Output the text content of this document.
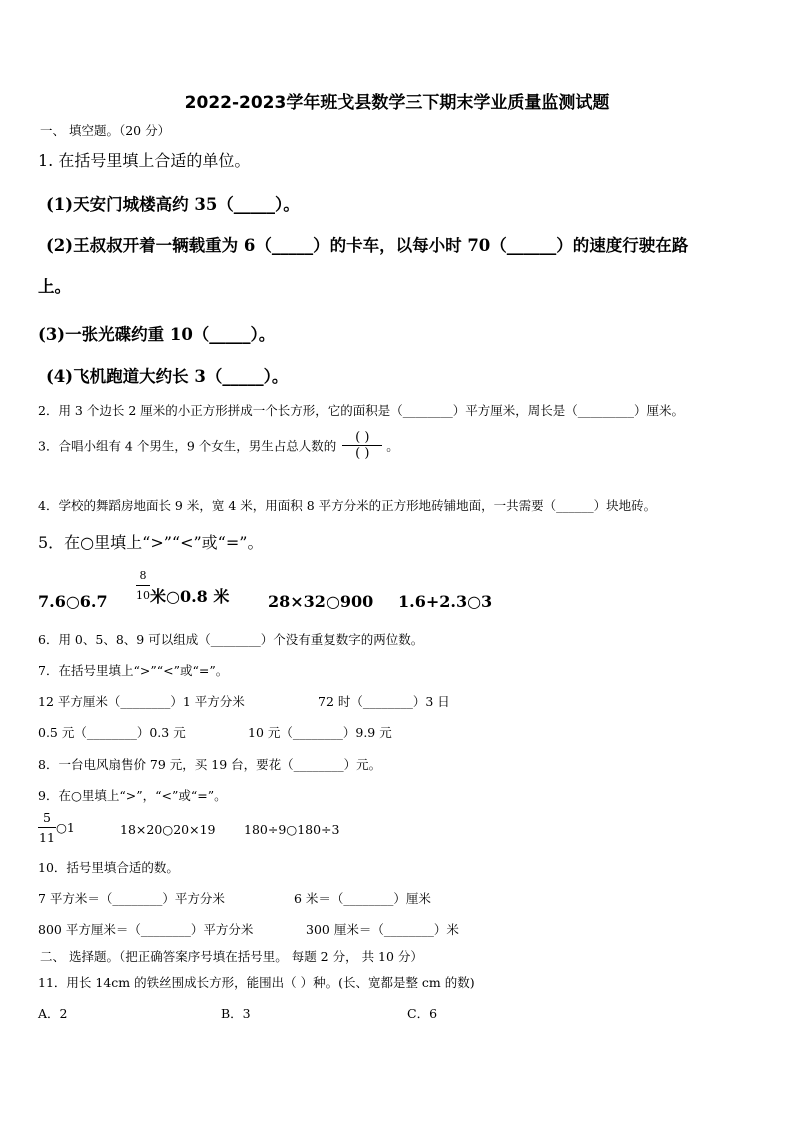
2022-2023学年班戈县数学三下期末学业质量监测试题
一、 填空题。（20 分）
1. 在括号里填上合适的单位。
(1)天安门城楼高约 35（_____）。
(2)王叔叔开着一辆载重为 6（_____）的卡车，以每小时 70（______）的速度行驶在路
上。
(3)一张光碟约重 10（_____）。
(4)飞机跑道大约长 3（_____）。
2．用 3 个边长 2 厘米的小正方形拼成一个长方形，它的面积是（________）平方厘米，周长是（_________）厘米。
3．合唱小组有 4 个男生，9 个女生，男生占总人数的 $\frac{( )}{( )}$ 。
4．学校的舞蹈房地面长 9 米，宽 4 米，用面积 8 平方分米的正方形地砖铺地面，一共需要（______）块地砖。
5．在○里填上“>”“<”或“=”。
7.6○6.7	$\frac{8}{10}$ 米○0.8 米 28×32○900 1.6+2.3○3
6．用 0、5、8、9 可以组成（________）个没有重复数字的两位数。
7．在括号里填上“>”“<”或“=”。
12 平方厘米（________）1 平方分米	72 时（________）3 日
0.5 元（________）0.3 元	10 元（________）9.9 元
8．一台电风扇售价 79 元，买 19 台，要花（________）元。
9．在○里填上“>”，“<”或“=”。
$\frac{5}{11}$ ○1	18×20○20×19 180÷9○180÷3
10．括号里填合适的数。
7 平方米＝（________）平方分米	6 米＝（________）厘米
800 平方厘米＝（________）平方分米	300 厘米＝（________）米
二、 选择题。（把正确答案序号填在括号里。 每题 2 分， 共 10 分）
11．用长 14cm 的铁丝围成长方形，能围出（ ）种。(长、宽都是整 cm 的数)
A．2	B．3	C．6
